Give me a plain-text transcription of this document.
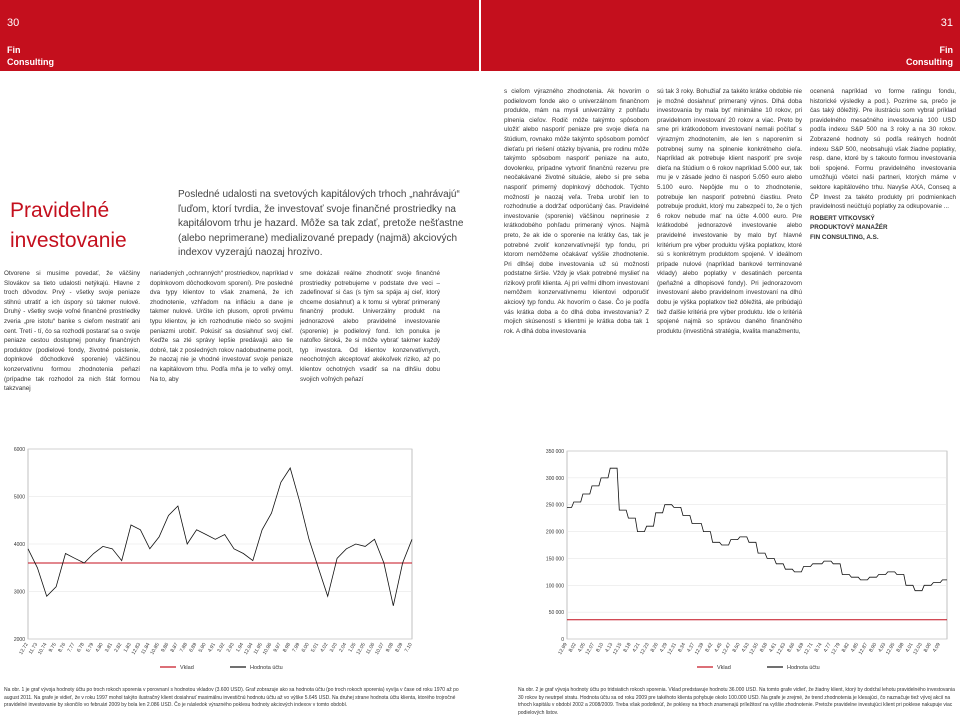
30
Fin
Consulting
31
Fin
Consulting
Pravidelné
investovanie
Posledné udalosti na svetových kapitálových trhoch „nahrávajú“ ľuďom, ktorí tvrdia, že investovať svoje finančné prostriedky na kapitálovom trhu je hazard. Môže sa tak zdať, pretože nešťastne (alebo neprimerane) medializované prepady (najmä) akciových indexov vyzerajú naozaj hrozivo.

Otvorene si musíme povedať, že väčšiny Slovákov sa tieto udalosti netýkajú. Hlavne z troch dôvodov. Prvý - všetky svoje peniaze stihnú utratiť a ich úspory sú takmer nulové. Druhý - všetky svoje voľné finančné prostriedky zveria „pre istotu“ banke s cieľom nestratiť ani cent. Tretí - tí, čo sa rozhodli postarať sa o svoje peniaze cestou dostupnej ponuky finančných produktov (podielové fondy, životné poistenie, doplnkové dôchodkové sporenie) väčšinou konzervatívnu formou zhodnotenia peňazí (prípadne tak rozhodol za nich štát formou takzvanej

nariadených „ochranných“ prostriedkov, napríklad v doplnkovom dôchodkovom sporení). Pre posledné dva typy klientov to však znamená, že ich zhodnotenie, vzhľadom na infláciu a dane je takmer nulové. Určite ich plusom, oproti prvému typu klientov, je ich rozhodnutie niečo so svojimi peniazmi urobiť. Pokúsiť sa dosiahnuť svoj cieľ. Keďže sa zlé správy lepšie predávajú ako tie dobré, tak z posledných rokov nadobudneme pocit, že naozaj nie je vhodné investovať svoje peniaze na kapitálovom trhu. Podľa mňa je to veľký omyl. Na to, aby

sme dokázali reálne zhodnotiť svoje finančné prostriedky potrebujeme v podstate dve veci – zadefinovať si čas (s tým sa spája aj cieľ, ktorý chceme dosiahnuť) a k tomu si vybrať primeraný finančný produkt. Univerzálny produkt na jednorazové alebo pravidelné investovanie (sporenie) je podielový fond. Ich ponuka je natoľko široká, že si môže vybrať takmer každý typ investora. Od klientov konzervatívnych, neochotných akceptovať akékoľvek riziko, až po klientov ochotných vsadiť sa na dlhšiu dobu svojich voľných peňazí

s cieľom výrazného zhodnotenia. Ak hovorím o podielovom fonde ako o univerzálnom finančnom produkte, mám na mysli univerzálny z pohľadu plnenia cieľov. Rodič môže takýmto spôsobom uložiť alebo nasporiť peniaze pre svoje dieťa na štúdium, rovnako môže takýmto spôsobom pomôcť dieťaťu pri riešení otázky bývania, pre rodinu môže takýmto spôsobom nasporiť peniaze na auto, dovolenku, prípadne vytvoriť finančnú rezervu pre neočakávané životné situácie, alebo si pre seba nasporiť primerný doplnkový dôchodok. Týchto možností je naozaj veľa. Treba urobiť len to rozhodnutie a dodržať odporúčaný čas. Pravidelné investovanie (sporenie) väčšinou neprinesie z krátkodobého pohľadu primeraný výnos. Najmä preto, že ak ide o sporenie na krátky čas, tak je potrebné zvoliť konzervatívnejší typ fondu, pri ktorom nemôžeme očakávať vyššie zhodnotenie. Pri dlhšej dobe investovania už sú možnosti podstatne širšie. Vždy je však potrebné myslieť na rizikový profil klienta. Aj pri veľmi dlhom investovaní nemôžem konzervatívnemu klientovi odporučiť akciový typ fondu. Ak hovorím o čase. Čo je podľa vás krátka doba a čo dlhá doba investovania? Z mojich skúseností s klientmi je krátka doba tak 1 rok. A dlhá doba investovania

sú tak 3 roky. Bohužiaľ za takéto krátke obdobie nie je možné dosiahnuť primeraný výnos. Dlhá doba investovania by mala byť minimálne 10 rokov, pri pravidelnom investovaní 20 rokov a viac. Preto by sme pri krátkodobom investovaní nemali počítať s výrazným zhodnotením, ale len s naporením si potrebnej sumy na splnenie konkrétneho cieľa. Napríklad ak potrebuje klient nasporiť pre svoje dieťa na štúdium o 6 rokov napríklad 5.000 eur, tak mu je v zásade jedno či naspori 5.050 euro alebo 5.100 euro. Nepôjde mu o to zhodnotenie, potrebuje len nasporiť potrebnú čiastku. Preto potrebuje produkt, ktorý mu zabezpečí to, že o tých 6 rokov nebude mať na účte 4.000 euro. Pre krátkodobé jednorazové investovanie alebo pravidelné investovanie by malo byť hlavné kritérium pre výber produktu výška poplatkov, ktoré sú s konkrétnym produktom spojené. V ideálnom prípade nulové (napríklad bankové terminované vklady) alebo poplatky v desatinách percenta (peňažné a dlhopisové fondy). Pri jednorazovom investovaní alebo pravidelnom investovaní na dlhú dobu je výška poplatkov tiež dôležitá, ale pribúdajú tiež ďalšie kritériá pre výber produktu. Ide o kritériá spojené najmä so správou daného finančného produktu (investičná stratégia, kvalita manažmentu,

ocenená napríklad vo forme ratingu fondu, historické výsledky a pod.). Pozrime sa, prečo je čas taký dôležitý. Pre ilustráciu som vybral príklad pravidelného mesačného investovania 100 USD podľa indexu S&P 500 na 3 roky a na 30 rokov. Zobrazené hodnoty sú podľa reálnych hodnôt indexu S&P 500, neobsahujú však žiadne poplatky, resp. dane, ktoré by s takouto formou investovania boli spojené. Formu pravidelného investovania umožňujú včetci naši partneri, ktorých máme v sektore kapitálového trhu. Navyše AXA, Conseq a ČP Invest za takéto produkty pri podmienkach pravidelnosti neúčtujú poplatky za odkupovanie ...

ROBERT VITKOVSKÝ
PRODUKTOVÝ MANAŽÉR
FIN CONSULTING, A.S.
6000
5000
4000
3000
2000
12.72
11.73
10.74 9.75 8.76 7.77 6.78 5.79 4.80 3.81 2.82 1.83
12.83
11.84
10.85 9.86 8.87 7.88 6.89 5.90 4.91 3.92 2.93 1.94
12.94
11.95
10.96 9.97 8.98 7.99 6.00 5.01 4.02 3.03 2.04 1.05
12.05
11.06
10.07 9.08 8.09 7.10
Vklad	Hodnota účtu
350 000
300 000
250 000
200 000
150 000
100 000
50 000
0
12.99 8.02 4.05
12.07 8.10 4.13
12.15 8.18 4.21
12.23 8.26 4.29
12.31 8.34 4.37
12.39 8.42 4.45
12.47 8.50 4.53
12.55 8.58 4.61
12.63 8.66 4.69
12.71 8.74 4.77
12.79 8.82 4.85
12.87 8.90 4.93
12.95 8.98 4.01
12.03 8.06 4.09
Vklad	Hodnota účtu
Na obr. 1 je graf vývoja hodnoty účtu po troch rokoch sporenia v porovnaní s hodnotou vkladov (3.600 USD). Graf zobrazuje ako sa hodnota účtu (po troch rokoch sporenia) vyvíja v čase od roku 1970 až po august 2011. Na grafe je vidieť, že v roku 1997 mohol takýto ilustračný klient dosiahnuť maximálnu investičnú hodnotu účtu až vo výške 5.645 USD. Na druhej strane hodnota účtu klienta, ktorého trojročné pravidelné investovanie by skončilo vo februári 2009 by bola len 2.086 USD. Čo je následok výrazného poklesu hodnoty akciových indexov v tomto období.
Na obr. 2 je graf vývoja hodnoty účtu po tridsiatich rokoch sporenia. Vklad predstavuje hodnotu 36.000 USD. Na tomto grafe vidieť, že žiadny klient, ktorý by dodržal lehotu pravidelného investovania 30 rokov by neutrpel stratu. Hodnota účtu sa od roku 2009 pre takéhoto klienta pohybuje okolo 100.000 USD. Na grafe je zrejmé, že trend zhodnotenia je klesajúci, čo naznačuje tiež vývoj akcií na trhoch kapitálu v období 2002 a 2008/2009. Treba však podotknúť, že poklesy na trhoch znamenajú príležitosť na vyššie zhodnotenie. Pretože pravidelne investujúci klient pri poklese nakupuje viac podielových listov.
